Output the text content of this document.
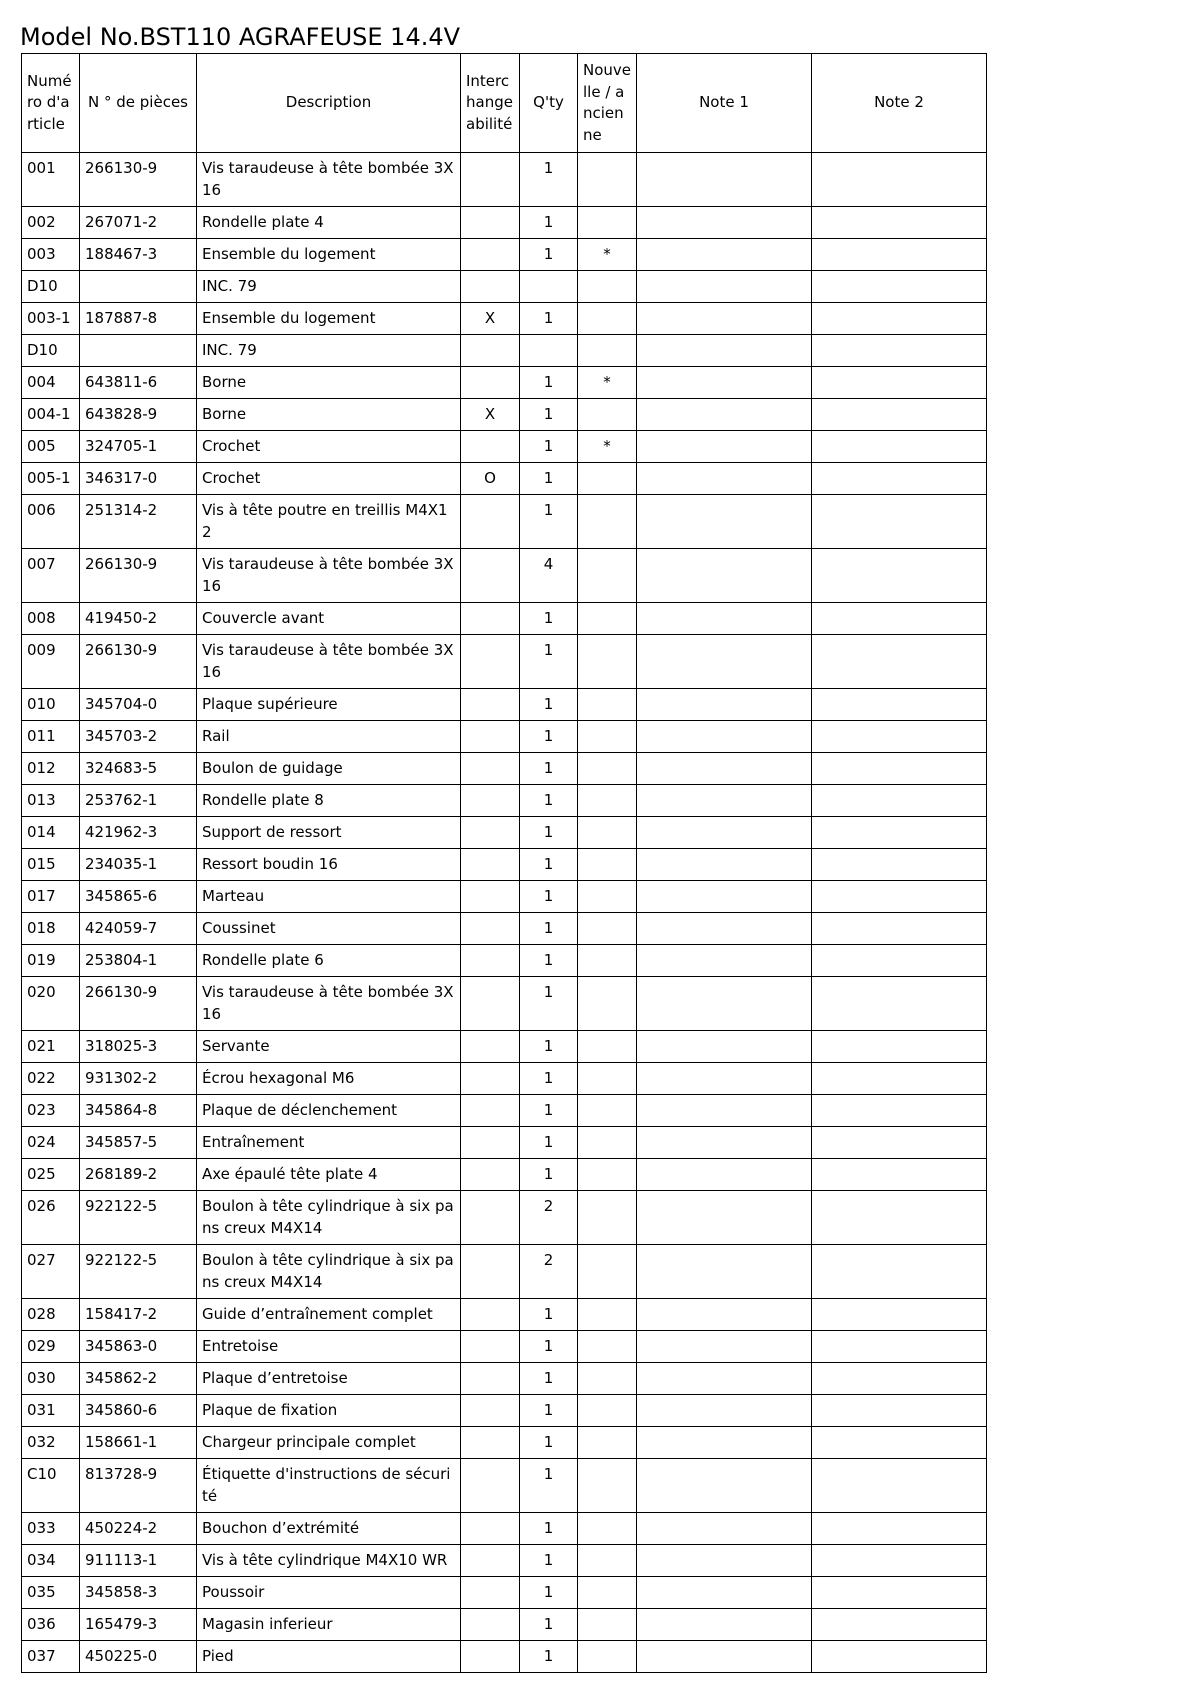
Model No.BST110 AGRAFEUSE 14.4V
Numéro d'article	N ° de pièces	Description	Interchangeabilité	Q'ty	Nouvelle / ancienne	Note 1	Note 2
001	266130-9	Vis taraudeuse à tête bombée 3X16		1			
002	267071-2	Rondelle plate 4		1			
003	188467-3	Ensemble du logement		1	*		
D10		INC. 79					
003-1	187887-8	Ensemble du logement	X	1			
D10		INC. 79					
004	643811-6	Borne		1	*		
004-1	643828-9	Borne	X	1			
005	324705-1	Crochet		1	*		
005-1	346317-0	Crochet	O	1			
006	251314-2	Vis à tête poutre en treillis M4X12		1			
007	266130-9	Vis taraudeuse à tête bombée 3X16		4			
008	419450-2	Couvercle avant		1			
009	266130-9	Vis taraudeuse à tête bombée 3X16		1			
010	345704-0	Plaque supérieure		1			
011	345703-2	Rail		1			
012	324683-5	Boulon de guidage		1			
013	253762-1	Rondelle plate 8		1			
014	421962-3	Support de ressort		1			
015	234035-1	Ressort boudin 16		1			
017	345865-6	Marteau		1			
018	424059-7	Coussinet		1			
019	253804-1	Rondelle plate 6		1			
020	266130-9	Vis taraudeuse à tête bombée 3X16		1			
021	318025-3	Servante		1			
022	931302-2	Écrou hexagonal M6		1			
023	345864-8	Plaque de déclenchement		1			
024	345857-5	Entraînement		1			
025	268189-2	Axe épaulé tête plate 4		1			
026	922122-5	Boulon à tête cylindrique à six pans creux M4X14		2			
027	922122-5	Boulon à tête cylindrique à six pans creux M4X14		2			
028	158417-2	Guide d’entraînement complet		1			
029	345863-0	Entretoise		1			
030	345862-2	Plaque d’entretoise		1			
031	345860-6	Plaque de fixation		1			
032	158661-1	Chargeur principale complet		1			
C10	813728-9	Étiquette d'instructions de sécurité		1			
033	450224-2	Bouchon d’extrémité		1			
034	911113-1	Vis à tête cylindrique M4X10 WR		1			
035	345858-3	Poussoir		1			
036	165479-3	Magasin inferieur		1			
037	450225-0	Pied		1			
